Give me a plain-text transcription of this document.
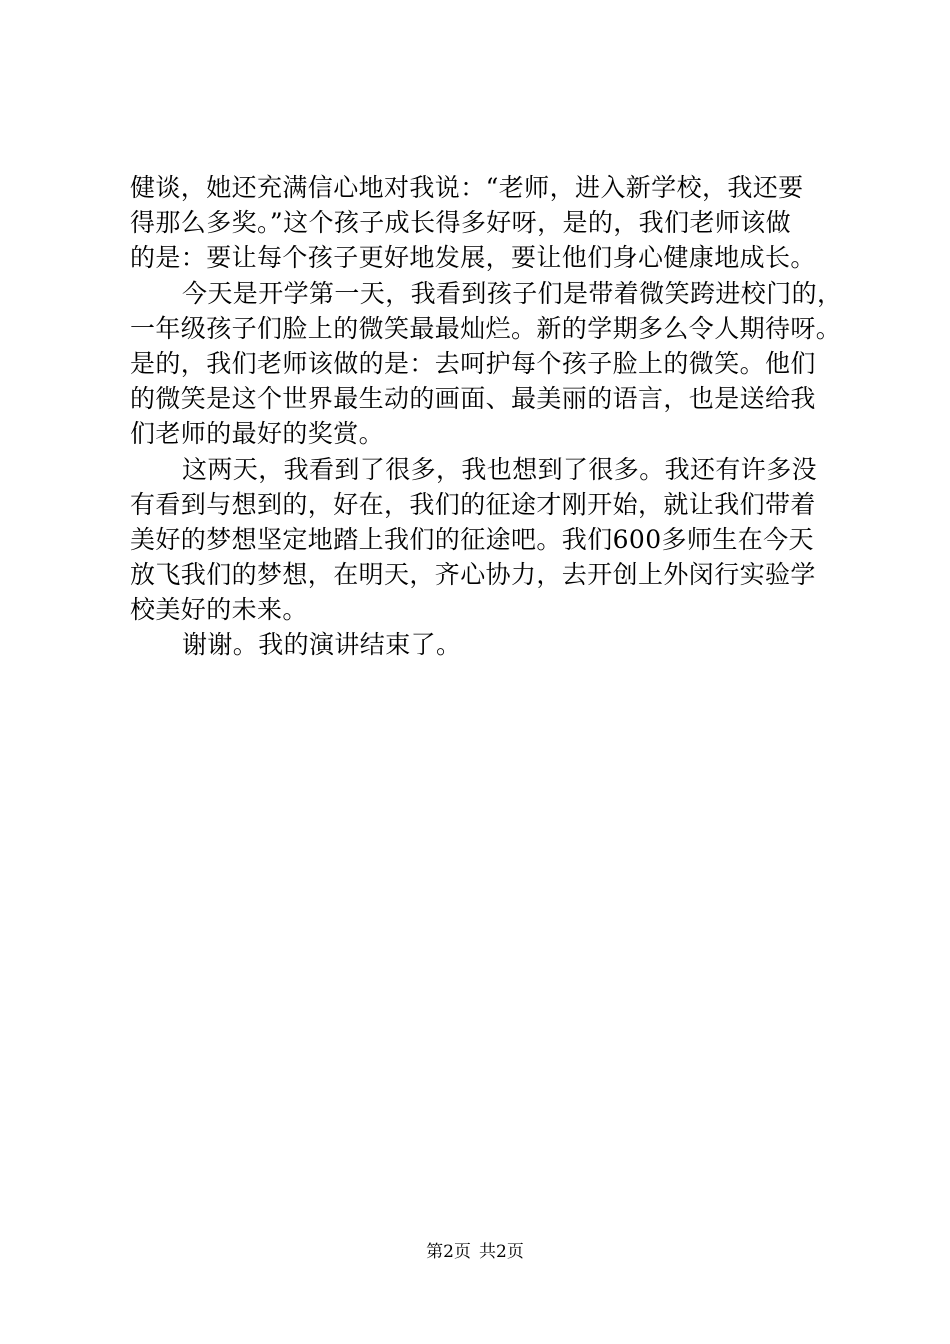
健谈，她还充满信心地对我说：“老师，进入新学校，我还要
得那么多奖。”这个孩子成长得多好呀，是的，我们老师该做
的是：要让每个孩子更好地发展，要让他们身心健康地成长。

今天是开学第一天，我看到孩子们是带着微笑跨进校门的，
一年级孩子们脸上的微笑最最灿烂。新的学期多么令人期待呀。
是的，我们老师该做的是：去呵护每个孩子脸上的微笑。他们
的微笑是这个世界最生动的画面、最美丽的语言，也是送给我
们老师的最好的奖赏。

这两天，我看到了很多，我也想到了很多。我还有许多没
有看到与想到的，好在，我们的征途才刚开始，就让我们带着
美好的梦想坚定地踏上我们的征途吧。我们600多师生在今天
放飞我们的梦想，在明天，齐心协力，去开创上外闵行实验学
校美好的未来。

谢谢。我的演讲结束了。

第2页 共2页
